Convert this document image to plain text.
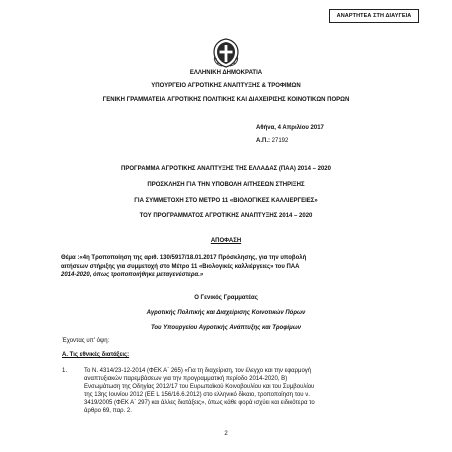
ΑΝΑΡΤΗΤΕΑ ΣΤΗ ΔΙΑΥΓΕΙΑ
ΕΛΛΗΝΙΚΗ ΔΗΜΟΚΡΑΤΙΑ
ΥΠΟΥΡΓΕΙΟ ΑΓΡΟΤΙΚΗΣ ΑΝΑΠΤΥΞΗΣ & ΤΡΟΦΙΜΩΝ
ΓΕΝΙΚΗ ΓΡΑΜΜΑΤΕΙΑ ΑΓΡΟΤΙΚΗΣ ΠΟΛΙΤΙΚΗΣ ΚΑΙ ΔΙΑΧΕΙΡΙΣΗΣ ΚΟΙΝΟΤΙΚΩΝ ΠΟΡΩΝ
Αθήνα, 4 Απριλίου 2017
Α.Π.: 27192
ΠΡΟΓΡΑΜΜΑ ΑΓΡΟΤΙΚΗΣ ΑΝΑΠΤΥΞΗΣ ΤΗΣ ΕΛΛΑΔΑΣ (ΠΑΑ) 2014 – 2020
ΠΡΟΣΚΛΗΣΗ ΓΙΑ ΤΗΝ ΥΠΟΒΟΛΗ ΑΙΤΗΣΕΩΝ ΣΤΗΡΙΞΗΣ
ΓΙΑ ΣΥΜΜΕΤΟΧΗ ΣΤΟ ΜΕΤΡΟ 11 «ΒΙΟΛΟΓΙΚΕΣ ΚΑΛΛΙΕΡΓΕΙΕΣ»
ΤΟΥ ΠΡΟΓΡΑΜΜΑΤΟΣ ΑΓΡΟΤΙΚΗΣ ΑΝΑΠΤΥΞΗΣ 2014 – 2020
ΑΠΟΦΑΣΗ
Θέμα :«4η Τροποποίηση της αριθ. 130/5917/18.01.2017 Πρόσκλησης, για την υποβολή
αιτήσεων στήριξης για συμμετοχή στο Μέτρο 11 «Βιολογικές καλλιέργειες» του ΠΑΑ
2014-2020, όπως τροποποιήθηκε μεταγενέστερα.»
Ο Γενικός Γραμματέας
Αγροτικής Πολιτικής και Διαχείρισης Κοινοτικών Πόρων
Του Υπουργείου Αγροτικής Ανάπτυξης και Τροφίμων
Έχοντας υπ' όψη:
Α. Τις εθνικές διατάξεις:
1.	Το Ν. 4314/23-12-2014 (ΦΕΚ Α΄ 265) «Για τη διαχείριση, τον έλεγχο και την εφαρμογή
αναπτυξιακών παρεμβάσεων για την προγραμματική περίοδο 2014-2020, Β)
Ενσωμάτωση της Οδηγίας 2012/17 του Ευρωπαϊκού Κοινοβουλίου και του Συμβουλίου
της 13ης Ιουνίου 2012 (ΕΕ L 156/16.6.2012) στο ελληνικό δίκαιο, τροποποίηση του ν.
3419/2005 (ΦΕΚ Α΄ 297) και άλλες διατάξεις», όπως κάθε φορά ισχύει και ειδικότερα το
άρθρο 69, παρ. 2.
2
